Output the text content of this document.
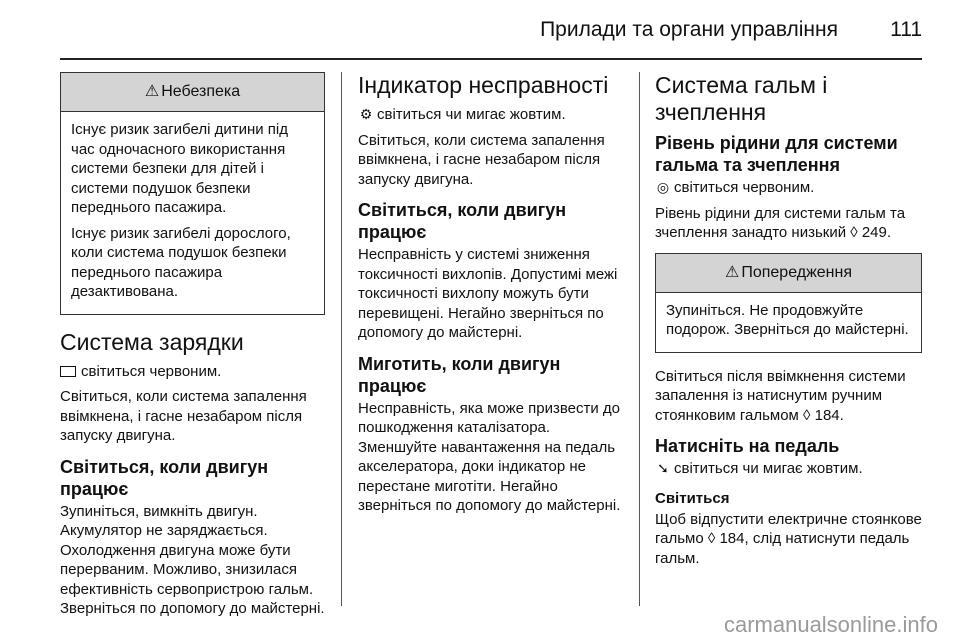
Прилади та органи управління 111
⚠ Небезпека

Існує ризик загибелі дитини під час одночасного використання системи безпеки для дітей і системи подушок безпеки переднього пасажира.

Існує ризик загибелі дорослого, коли система подушок безпеки переднього пасажира дезактивована.

Система зарядки

світиться червоним.

Світиться, коли система запалення ввімкнена, і гасне незабаром після запуску двигуна.

Світиться, коли двигун працює

Зупиніться, вимкніть двигун. Акумулятор не заряджається. Охолодження двигуна може бути перерваним. Можливо, знизилася ефективність сервопристрою гальм. Зверніться по допомогу до майстерні.

Індикатор несправності

⚙ світиться чи мигає жовтим.

Світиться, коли система запалення ввімкнена, і гасне незабаром після запуску двигуна.

Світиться, коли двигун працює

Несправність у системі зниження токсичності вихлопів. Допустимі межі токсичності вихлопу можуть бути перевищені. Негайно зверніться по допомогу до майстерні.

Миготить, коли двигун працює

Несправність, яка може призвести до пошкодження каталізатора. Зменшуйте навантаження на педаль акселератора, доки індикатор не перестане миготіти. Негайно зверніться по допомогу до майстерні.

Система гальм і зчеплення
Рівень рідини для системи гальма та зчеплення

◎ світиться червоним.

Рівень рідини для системи гальм та зчеплення занадто низький ◊ 249.

⚠ Попередження

Зупиніться. Не продовжуйте подорож. Зверніться до майстерні.

Світиться після ввімкнення системи запалення із натиснутим ручним стоянковим гальмом ◊ 184.

Натисніть на педаль

➘ світиться чи мигає жовтим.

Світиться

Щоб відпустити електричне стоянкове гальмо ◊ 184, слід натиснути педаль гальм.

carmanualsonline.info
